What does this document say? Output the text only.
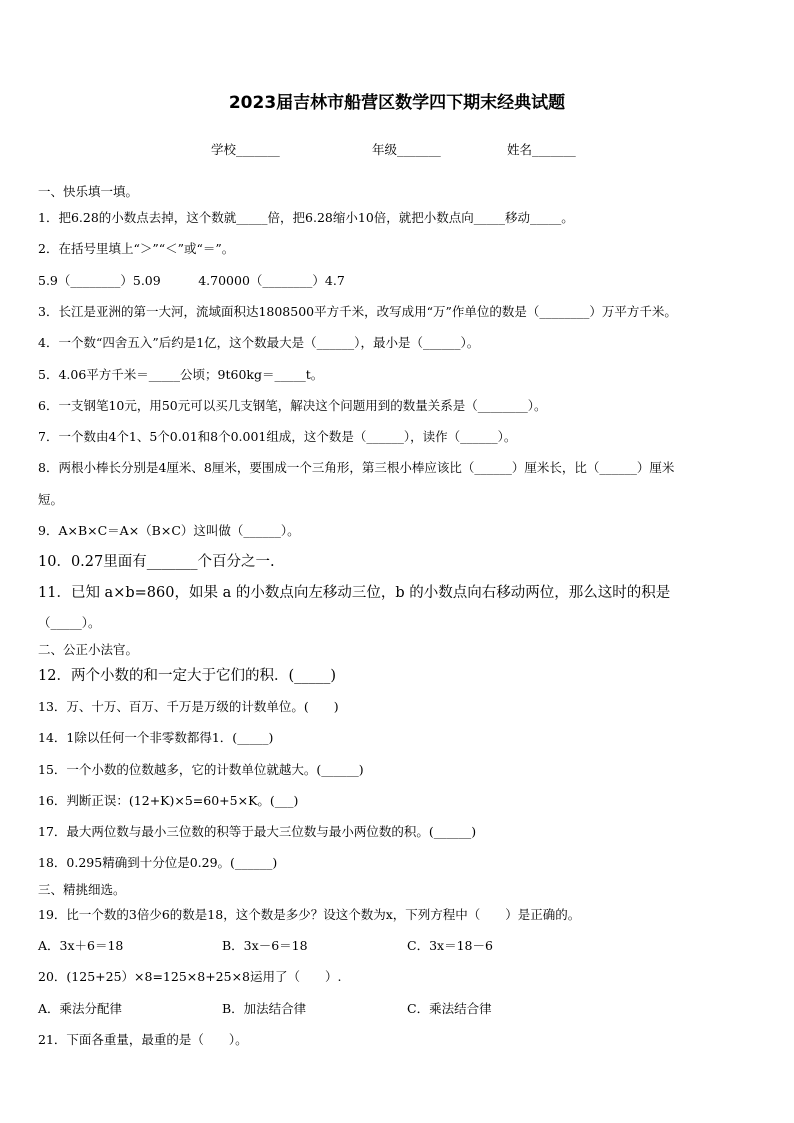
2023届吉林市船营区数学四下期末经典试题
学校_______	年级_______	姓名_______
一、快乐填一填。
1．把6.28的小数点去掉，这个数就_____倍，把6.28缩小10倍，就把小数点向_____移动_____。
2．在括号里填上“＞”“＜”或“＝”。
5.9（________）5.09　　　4.70000（________）4.7
3．长江是亚洲的第一大河，流域面积达1808500平方千米，改写成用“万”作单位的数是（________）万平方千米。
4．一个数“四舍五入”后约是1亿，这个数最大是（______），最小是（______）。
5．4.06平方千米＝_____公顷；9t60kg＝_____t。
6．一支钢笔10元，用50元可以买几支钢笔，解决这个问题用到的数量关系是（________）。
7．一个数由4个1、5个0.01和8个0.001组成，这个数是（______），读作（______）。
8．两根小棒长分别是4厘米、8厘米，要围成一个三角形，第三根小棒应该比（______）厘米长，比（______）厘米
短。
9．A×B×C＝A×（B×C）这叫做（______）。
10．0.27里面有_______个百分之一.
11．已知 a×b=860，如果 a 的小数点向左移动三位，b 的小数点向右移动两位，那么这时的积是
（_____）。
二、公正小法官。
12．两个小数的和一定大于它们的积．(_____)
13．万、十万、百万、千万是万级的计数单位。(　　)
14．1除以任何一个非零数都得1．(_____)
15．一个小数的位数越多，它的计数单位就越大。(______)
16．判断正误：(12+K)×5=60+5×K。(___)
17．最大两位数与最小三位数的积等于最大三位数与最小两位数的积。(______)
18．0.295精确到十分位是0.29。(______)
三、精挑细选。
19．比一个数的3倍少6的数是18，这个数是多少？设这个数为x，下列方程中（　　）是正确的。
A．3x＋6＝18	B．3x－6＝18	C．3x＝18－6
20．(125+25）×8=125×8+25×8运用了（　　）.
A．乘法分配律	B．加法结合律	C．乘法结合律
21．下面各重量，最重的是（　　）。
